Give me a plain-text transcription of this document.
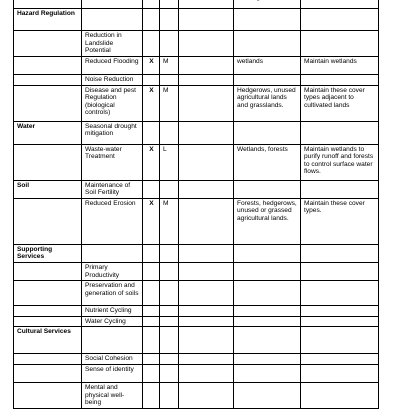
Hazard Regulation						
	Reduction in Landslide Potential					
	Reduced Flooding	X	M		wetlands	Maintain wetlands
	Noise Reduction					
	Disease and pest Regulation (biological controls)	X	M		Hedgerows, unused agricultural lands and grasslands.	Maintain these cover types adjacent to cultivated lands
Water	Seasonal drought mitigation					
	Waste-water Treatment	X	L		Wetlands, forests	Maintain wetlands to purify runoff and forests to control surface water flows.
Soil	Maintenance of Soil Fertility					
	Reduced Erosion	X	M		Forests, hedgerows, unused or grassed agricultural lands.	Maintain these cover types.
Supporting Services						
	Primary Productivity					
	Preservation and generation of soils					
	Nutrient Cycling					
	Water Cycling					
Cultural Services						
	Social Cohesion					
	Sense of identity					
	Mental and physical well-being					
